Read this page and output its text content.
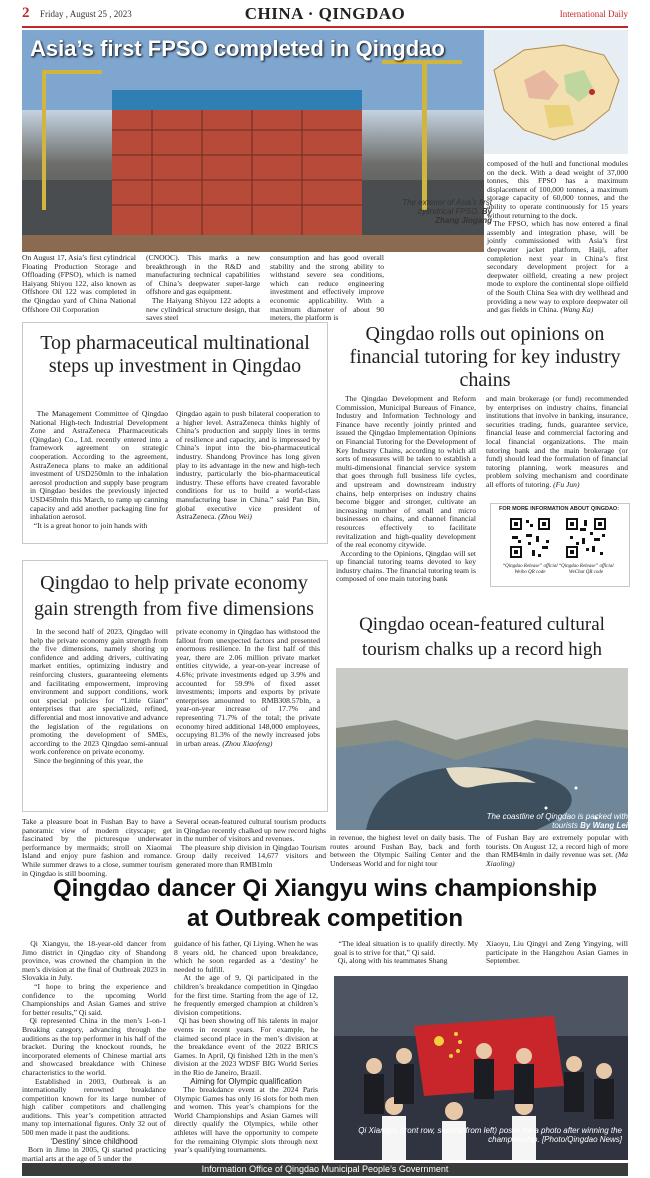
2 Friday , August 25 , 2023	CHINA · QINGDAO	International Daily
Asia’s first FPSO completed in Qingdao
The exterior of Asia’s first cylindrical FPSO. By Zhang Jingang
On August 17, Asia’s first cylindrical Floating Production Storage and Offloading (FPSO), which is named Haiyang Shiyou 122, also known as Offshore Oil 122 was completed in the Qingdao yard of China National Offshore Oil Corporation
(CNOOC). This marks a new breakthrough in the R&D and manufacturing technical capabilities of China’s deepwater super-large offshore and gas equipment.
The Haiyang Shiyou 122 adopts a new cylindrical structure design, that saves steel
consumption and has good overall stability and the strong ability to withstand severe sea conditions, which can reduce engineering investment and effectively improve economic applicability. With a maximum diameter of about 90 meters, the platform is
composed of the hull and functional modules on the deck. With a dead weight of 37,000 tonnes, this FPSO has a maximum displacement of 100,000 tonnes, a maximum storage capacity of 60,000 tonnes, and the ability to operate continuously for 15 years without returning to the dock.
The FPSO, which has now entered a final assembly and integration phase, will be jointly commissioned with Asia’s first deepwater jacket platform, Haiji, after completion next year in China’s first secondary development project for a deepwater oilfield, creating a new project mode to explore the continental slope oilfield of the South China Sea with dry wellhead and providing a new way to explore deepwater oil and gas fields in China. (Wang Ka)
Top pharmaceutical multinational steps up investment in Qingdao
The Management Committee of Qingdao National High-tech Industrial Development Zone and AstraZeneca Pharmaceuticals (Qingdao) Co., Ltd. recently entered into a framework agreement on strategic cooperation. According to the agreement, AstraZeneca plans to make an additional investment of USD250mln to the inhalation aerosol production and supply base program in Qingdao besides the previously injected USD450mln this March, to ramp up canning capacity and add another packaging line for inhalation aerosol.
“It is a great honor to join hands with
Qingdao again to push bilateral cooperation to a higher level. AstraZeneca thinks highly of China’s production and supply lines in terms of resilience and capacity, and is impressed by China’s input into the bio-pharmaceutical industry. Shandong Province has long given play to its advantage in the new and high-tech industry, particularly the bio-pharmaceutical industry. These efforts have created favorable conditions for us to build a world-class manufacturing base in China.” said Pan Bin, global executive vice president of AstraZeneca. (Zhou Wei)
Qingdao rolls out opinions on financial tutoring for key industry chains
The Qingdao Development and Reform Commission, Municipal Bureaus of Finance, Industry and Information Technology and Finance have recently jointly printed and issued the Qingdao Implementation Opinions on Financial Tutoring for the Development of Key Industry Chains, according to which all sorts of measures will be taken to establish a multi-dimensional financial service system that goes through full business life cycles, and upstream and downstream industry chains, help enterprises on industry chains become bigger and stronger, cultivate an increasing number of small and micro businesses on chains, and channel financial resources effectively to facilitate revitalization and high-quality development of the real economy citywide.
According to the Opinions, Qingdao will set up financial tutoring teams devoted to key industry chains. The financial tutoring team is composed of one main tutoring bank
and main brokerage (or fund) recommended by enterprises on industry chains, financial institutions that involve in banking, insurance, securities trading, funds, guarantee service, financial lease and commercial factoring and local financial organizations. The main tutoring bank and the main brokerage (or fund) should lead the formulation of financial tutoring planning, work measures and problem solving mechanism and coordinate all efforts of tutoring. (Fu Jun)
FOR MORE INFORMATION ABOUT QINGDAO:
“Qingdao Release” official Weibo QR code
“Qingdao Release” official WeChat QR code
Qingdao to help private economy gain strength from five dimensions
In the second half of 2023, Qingdao will help the private economy gain strength from the five dimensions, namely shoring up confidence and adding drivers, cultivating market entities, optimizing industry and reinforcing clusters, guaranteeing elements and facilitating empowerment, improving environment and support conditions, work out special policies for “Little Giant” enterprises that are specialized, refined, differential and most innovative and advance the legislation of the regulations on promoting the development of SMEs, according to the 2023 Qingdao semi-annual work conference on private economy.
Since the beginning of this year, the
private economy in Qingdao has withstood the fallout from unexpected factors and presented enormous resilience. In the first half of this year, there are 2.06 million private market entities citywide, a year-on-year increase of 4.6%; private investments edged up 3.9% and accounted for 59.9% of fixed asset investments; imports and exports by private enterprises amounted to RMB308.57bln, a year-on-year increase of 17.7% and representing 71.7% of the total; the private economy hired additional 148,000 employees, occupying 81.3% of the newly increased jobs in urban areas. (Zhou Xiaofeng)
Qingdao ocean-featured cultural tourism chalks up a record high
The coastline of Qingdao is packed with tourists By Wang Lei
Take a pleasure boat in Fushan Bay to have a panoramic view of modern cityscape; get fascinated by the picturesque underwater performance by mermaids; stroll on Xiaomai Island and enjoy pure fashion and romance. While summer draws to a close, summer tourism in Qingdao is still booming.
Several ocean-featured cultural tourism products in Qingdao recently chalked up new record highs in the number of visitors and revenues.
The pleasure ship division in Qingdao Tourism Group daily received 14,677 visitors and generated more than RMB1mln
in revenue, the highest level on daily basis. The routes around Fushan Bay, back and forth between the Olympic Sailing Center and the Underseas World and for night tour
of Fushan Bay are extremely popular with tourists. On August 12, a record high of more than RMB4mln in daily revenue was set. (Ma Xiaoling)
Qingdao dancer Qi Xiangyu wins championship
at Outbreak competition
Qi Xiangyu, the 18-year-old dancer from Jimo district in Qingdao city of Shandong province, was crowned the champion in the men’s division at the final of Outbreak 2023 in Slovakia in July.
“I hope to bring the experience and confidence to the upcoming World Championships and Asian Games and strive for better results,” Qi said.
Qi represented China in the men’s 1-on-1 Breaking category, advancing through the auditions as the top performer in his half of the bracket. During the knockout rounds, he incorporated elements of Chinese martial arts and showcased breakdance with Chinese characteristics to the world.
Established in 2003, Outbreak is an internationally renowned breakdance competition known for its large number of high caliber competitors and challenging auditions. This year’s competition attracted many top international figures. Only 32 out of 500 men made it past the auditions.
‘Destiny’ since childhood
Born in Jimo in 2005, Qi started practicing martial arts at the age of 5 under the
guidance of his father, Qi Liying. When he was 8 years old, he chanced upon breakdance, which he soon regarded as a ‘destiny’ he needed to fulfill.
At the age of 9, Qi participated in the children’s breakdance competition in Qingdao for the first time. Starting from the age of 12, he frequently emerged champion at children’s division competitions.
Qi has been showing off his talents in major events in recent years. For example, he claimed second place in the men’s division at the breakdance event of the 2022 BRICS Games. In April, Qi finished 12th in the men’s division at the 2023 WDSF BIG World Series in the Rio de Janeiro, Brazil.
Aiming for Olympic qualification
The breakdance event at the 2024 Paris Olympic Games has only 16 slots for both men and women. This year’s champions for the World Championships and Asian Games will directly qualify the Olympics, while other athletes will have the opportunity to compete for the remaining Olympic slots through next year’s qualifying tournaments.
“The ideal situation is to qualify directly. My goal is to strive for that,” Qi said.
Qi, along with his teammates Shang
Xiaoyu, Liu Qingyi and Zeng Yingying, will participate in the Hangzhou Asian Games in September.
Qi Xiangyu (front row, second from left) poses for a photo after winning the championship. [Photo/Qingdao News]
Information Office of Qingdao Municipal People’s Government
